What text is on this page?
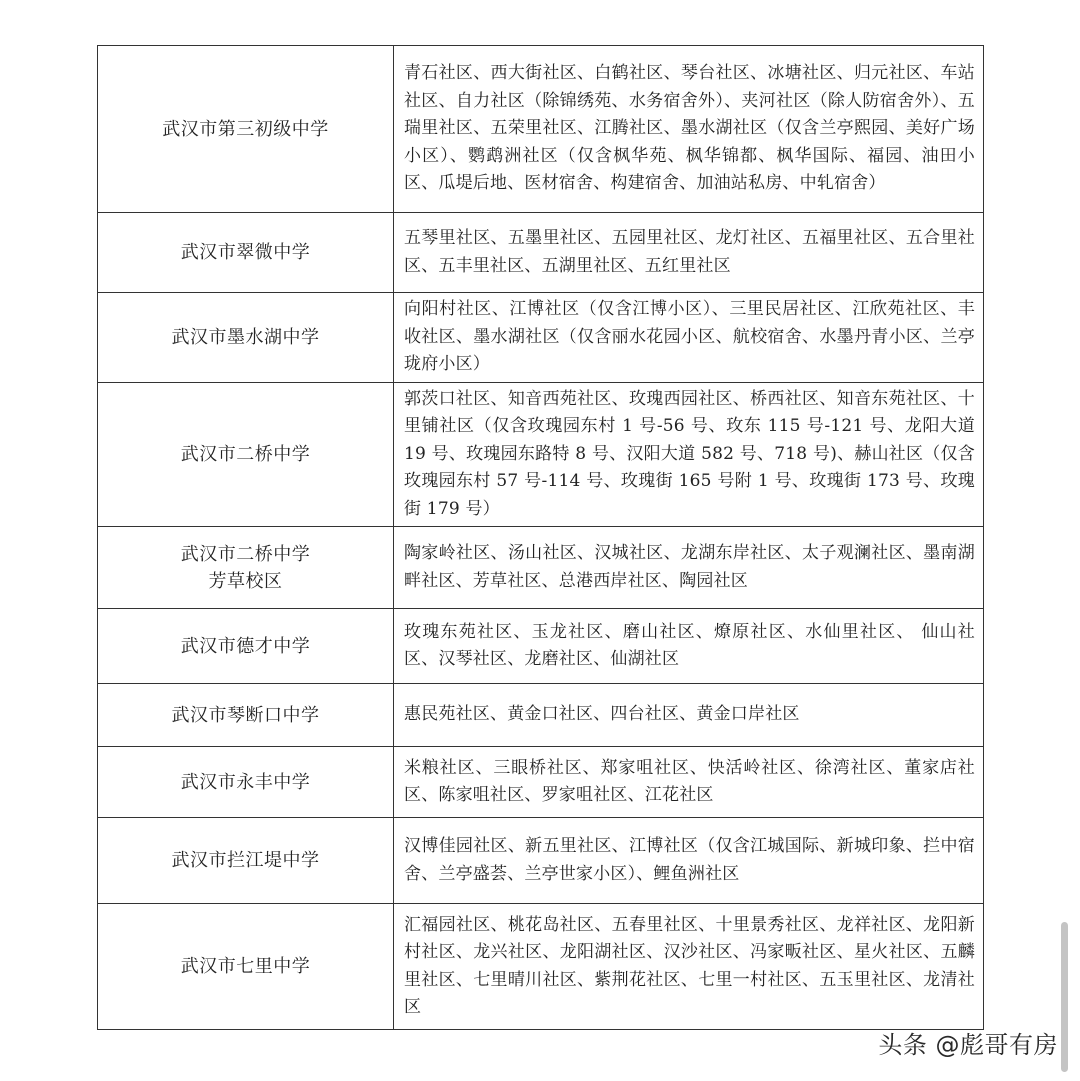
武汉市第三初级中学	青石社区、西大街社区、白鹤社区、琴台社区、冰塘社区、归元社区、车站社区、自力社区（除锦绣苑、水务宿舍外）、夹河社区（除人防宿舍外）、五瑞里社区、五荣里社区、江腾社区、墨水湖社区（仅含兰亭熙园、美好广场小区）、鹦鹉洲社区（仅含枫华苑、枫华锦都、枫华国际、福园、油田小区、瓜堤后地、医材宿舍、构建宿舍、加油站私房、中轧宿舍）

武汉市翠微中学	五琴里社区、五墨里社区、五园里社区、龙灯社区、五福里社区、五合里社区、五丰里社区、五湖里社区、五红里社区

武汉市墨水湖中学	向阳村社区、江博社区（仅含江博小区）、三里民居社区、江欣苑社区、丰收社区、墨水湖社区（仅含丽水花园小区、航校宿舍、水墨丹青小区、兰亭珑府小区）

武汉市二桥中学	郭茨口社区、知音西苑社区、玫瑰西园社区、桥西社区、知音东苑社区、十里铺社区（仅含玫瑰园东村 1 号-56 号、玫东 115 号-121 号、龙阳大道 19 号、玫瑰园东路特 8 号、汉阳大道 582 号、718 号)、赫山社区（仅含玫瑰园东村 57 号-114 号、玫瑰街 165 号附 1 号、玫瑰街 173 号、玫瑰街 179 号）

武汉市二桥中学
芳草校区	陶家岭社区、汤山社区、汉城社区、龙湖东岸社区、太子观澜社区、墨南湖畔社区、芳草社区、总港西岸社区、陶园社区

武汉市德才中学	玫瑰东苑社区、玉龙社区、磨山社区、燎原社区、水仙里社区、 仙山社区、汉琴社区、龙磨社区、仙湖社区

武汉市琴断口中学	惠民苑社区、黄金口社区、四台社区、黄金口岸社区

武汉市永丰中学	米粮社区、三眼桥社区、郑家咀社区、快活岭社区、徐湾社区、董家店社区、陈家咀社区、罗家咀社区、江花社区

武汉市拦江堤中学	汉博佳园社区、新五里社区、江博社区（仅含江城国际、新城印象、拦中宿舍、兰亭盛荟、兰亭世家小区）、鲤鱼洲社区

武汉市七里中学	汇福园社区、桃花岛社区、五春里社区、十里景秀社区、龙祥社区、龙阳新村社区、龙兴社区、龙阳湖社区、汉沙社区、冯家畈社区、星火社区、五麟里社区、七里晴川社区、紫荆花社区、七里一村社区、五玉里社区、龙清社区
头条 @彪哥有房
